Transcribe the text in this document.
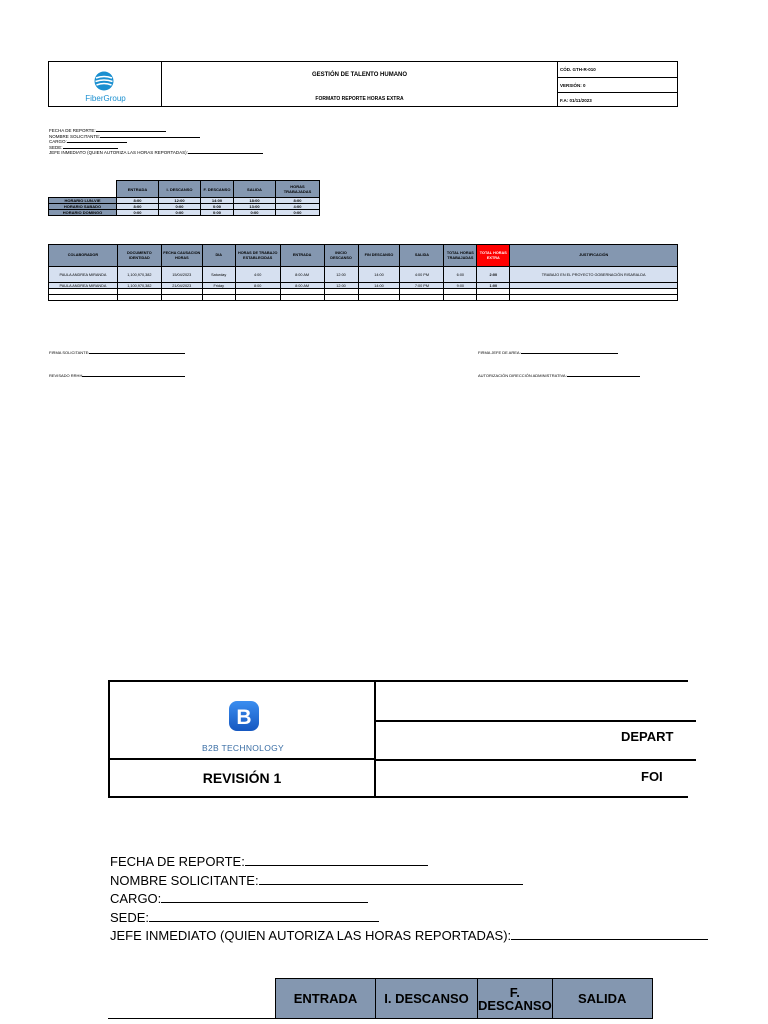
FiberGroup
GESTIÓN DE TALENTO HUMANO
FORMATO REPORTE HORAS EXTRA
CÓD. GTH-R-010
VERSIÓN: 0
F.A: 01/11/2023
FECHA DE REPORTE:
NOMBRE SOLICITANTE:
CARGO:
SEDE:
JEFE INMEDIATO (QUIEN AUTORIZA LAS HORAS REPORTADAS):
	ENTRADA	I. DESCANSO	F. DESCANSO	SALIDA	HORAS TRABAJADAS
HORARIO LUN-VIE	8:00	12:00	14:00	18:00	8:00
HORARIO SABADO	8:00	0:00	0:00	13:00	4:00
HORARIO DOMINGO	0:00	0:00	0:00	0:00	0:00
COLABORADOR	DOCUMENTO IDENTIDAD	FECHA CAUSACION HORAS	DIA	HORAS DE TRABAJO ESTABLECIDAS	ENTRADA	INICIO DESCANSO	FIN DESCANSO	SALIDA	TOTAL HORAS TRABAJADAS	TOTAL HORAS EXTRA	JUSTIFICACIÓN
PAULA ANDREA MIRANDA	1,100,970,382	15/04/2023	Saturday	4:00	8:00 AM	12:00	14:00	4:00 PM	6:00	2:00	TRABAJO EN EL PROYECTO GOBERNACIÓN RISARALDA
PAULA ANDREA MIRANDA	1,100,970,382	21/04/2023	Friday	8:00	8:00 AM	12:00	14:00	7:00 PM	9:00	1:00	

FIRMA SOLICITANTE:
REVISADO RRHH
FIRMA JEFE DE AREA:
AUTORIZACIÓN DIRECCIÓN ADMINISTRATIVA:
B
B2B TECHNOLOGY
REVISIÓN 1
DEPART
FOI
FECHA DE REPORTE:
NOMBRE SOLICITANTE:
CARGO:
SEDE:
JEFE INMEDIATO (QUIEN AUTORIZA LAS HORAS REPORTADAS):
	ENTRADA	I. DESCANSO	F. DESCANSO	SALIDA
